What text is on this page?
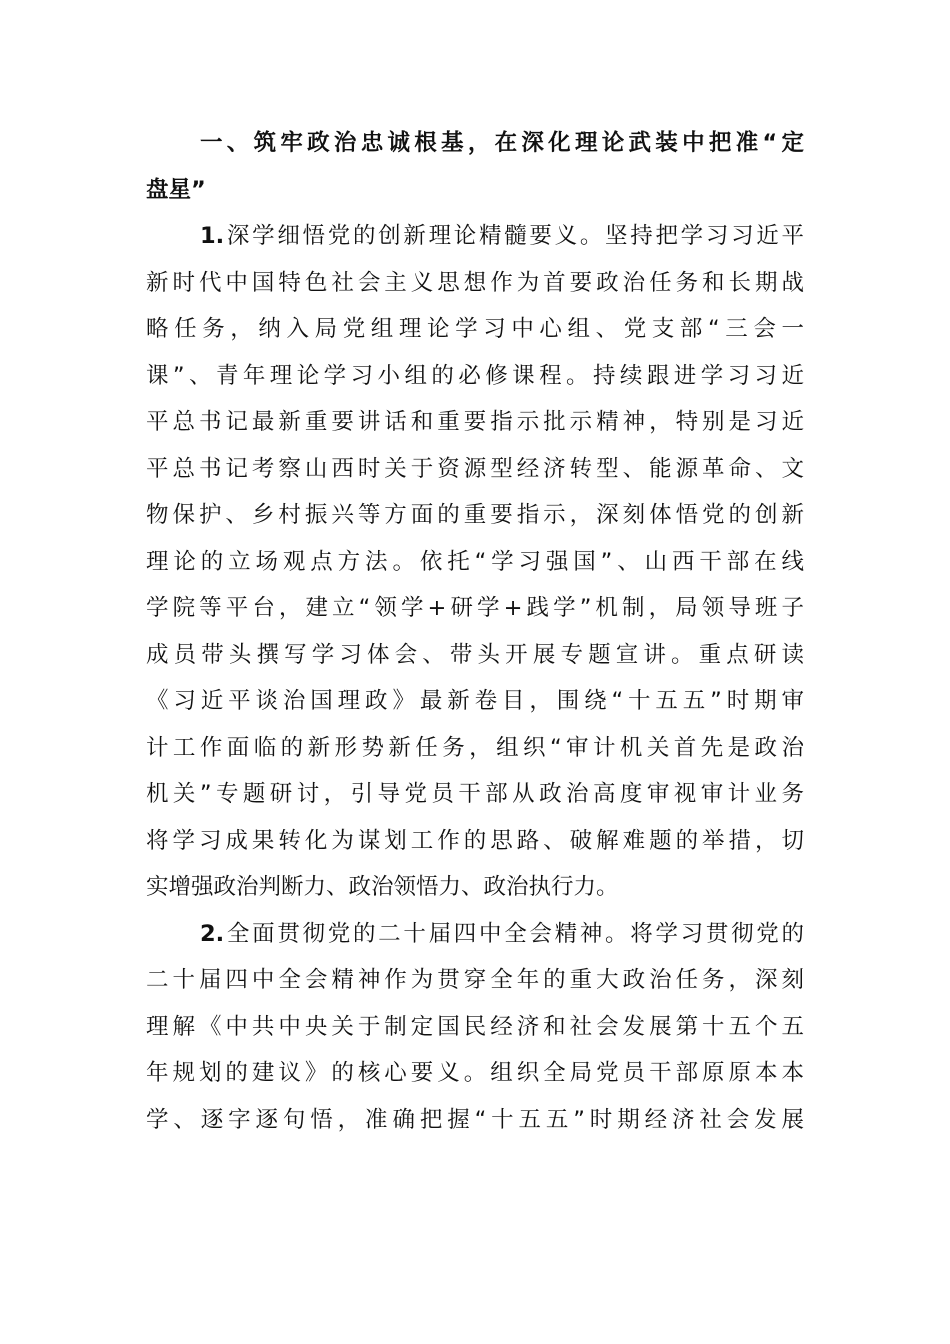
一、筑牢政治忠诚根基，在深化理论武装中把准“定
盘星”
1.深学细悟党的创新理论精髓要义。坚持把学习习近平
新时代中国特色社会主义思想作为首要政治任务和长期战
略任务，纳入局党组理论学习中心组、党支部“三会一
课”、青年理论学习小组的必修课程。持续跟进学习习近
平总书记最新重要讲话和重要指示批示精神，特别是习近
平总书记考察山西时关于资源型经济转型、能源革命、文
物保护、乡村振兴等方面的重要指示，深刻体悟党的创新
理论的立场观点方法。依托“学习强国”、山西干部在线
学院等平台，建立“领学+研学+践学”机制，局领导班子
成员带头撰写学习体会、带头开展专题宣讲。重点研读
《习近平谈治国理政》最新卷目，围绕“十五五”时期审
计工作面临的新形势新任务，组织“审计机关首先是政治
机关”专题研讨，引导党员干部从政治高度审视审计业务
将学习成果转化为谋划工作的思路、破解难题的举措，切
实增强政治判断力、政治领悟力、政治执行力。
2.全面贯彻党的二十届四中全会精神。将学习贯彻党的
二十届四中全会精神作为贯穿全年的重大政治任务，深刻
理解《中共中央关于制定国民经济和社会发展第十五个五
年规划的建议》的核心要义。组织全局党员干部原原本本
学、逐字逐句悟，准确把握“十五五”时期经济社会发展
